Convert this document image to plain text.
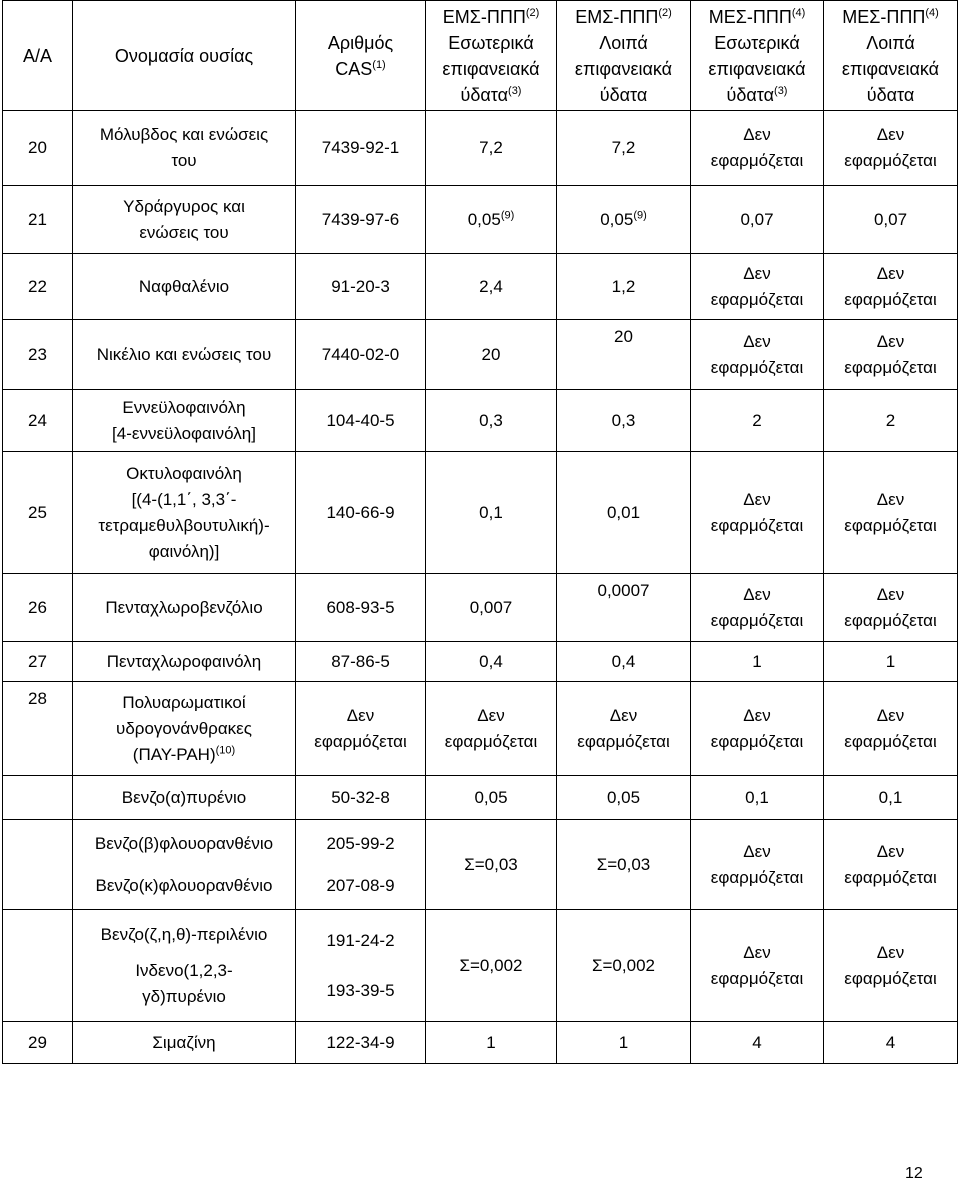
Α/Α	Ονομασία ουσίας	Αριθμός
CAS$^{(1)}$	ΕΜΣ-ΠΠΠ$^{(2)}$
Εσωτερικά
επιφανειακά
ύδατα$^{(3)}$	ΕΜΣ-ΠΠΠ$^{(2)}$
Λοιπά
επιφανειακά
ύδατα	ΜΕΣ-ΠΠΠ$^{(4)}$
Εσωτερικά
επιφανειακά
ύδατα$^{(3)}$	ΜΕΣ-ΠΠΠ$^{(4)}$
Λοιπά
επιφανειακά
ύδατα
20	Μόλυβδος και ενώσεις
του	7439-92-1	7,2	7,2	Δεν
εφαρμόζεται	Δεν
εφαρμόζεται

21	Υδράργυρος και
ενώσεις του	7439-97-6	0,05$^{(9)}$	0,05$^{(9)}$	0,07	0,07
22	Ναφθαλένιο	91-20-3	2,4	1,2	Δεν
εφαρμόζεται	Δεν
εφαρμόζεται

23	Νικέλιο και ενώσεις του	7440-02-0	20	20	Δεν
εφαρμόζεται	Δεν
εφαρμόζεται

24	Εννεϋλοφαινόλη
[4-εννεϋλοφαινόλη]	104-40-5	0,3	0,3	2	2
25	Οκτυλοφαινόλη
[(4-(1,1΄, 3,3΄-
τετραμεθυλβουτυλική)-
φαινόλη)]	140-66-9	0,1	0,01	Δεν
εφαρμόζεται	Δεν
εφαρμόζεται

26	Πενταχλωροβενζόλιο	608-93-5	0,007	0,0007	Δεν
εφαρμόζεται	Δεν
εφαρμόζεται

27	Πενταχλωροφαινόλη	87-86-5	0,4	0,4	1	1
28	Πολυαρωματικοί
υδρογονάνθρακες
$(\Pi A\Upsilon-PAH)^{(10)}$	Δεν
εφαρμόζεται	Δεν
εφαρμόζεται	Δεν
εφαρμόζεται	Δεν
εφαρμόζεται	Δεν
εφαρμόζεται

	Βενζο(α)πυρένιο	50-32-8	0,05	0,05	0,1	0,1

	Βενζο(β)φλουορανθένιο
Βενζο(κ)φλουορανθένιο	205-99-2
207-08-9	Σ=0,03	Σ=0,03	Δεν
εφαρμόζεται	Δεν
εφαρμόζεται

	Βενζο(ζ,η,θ)-περιλένιο
Ινδενο(1,2,3-
γδ)πυρένιο	191-24-2
193-39-5	Σ=0,002	Σ=0,002	Δεν
εφαρμόζεται	Δεν
εφαρμόζεται

29	Σιμαζίνη	122-34-9	1	1	4	4
12
